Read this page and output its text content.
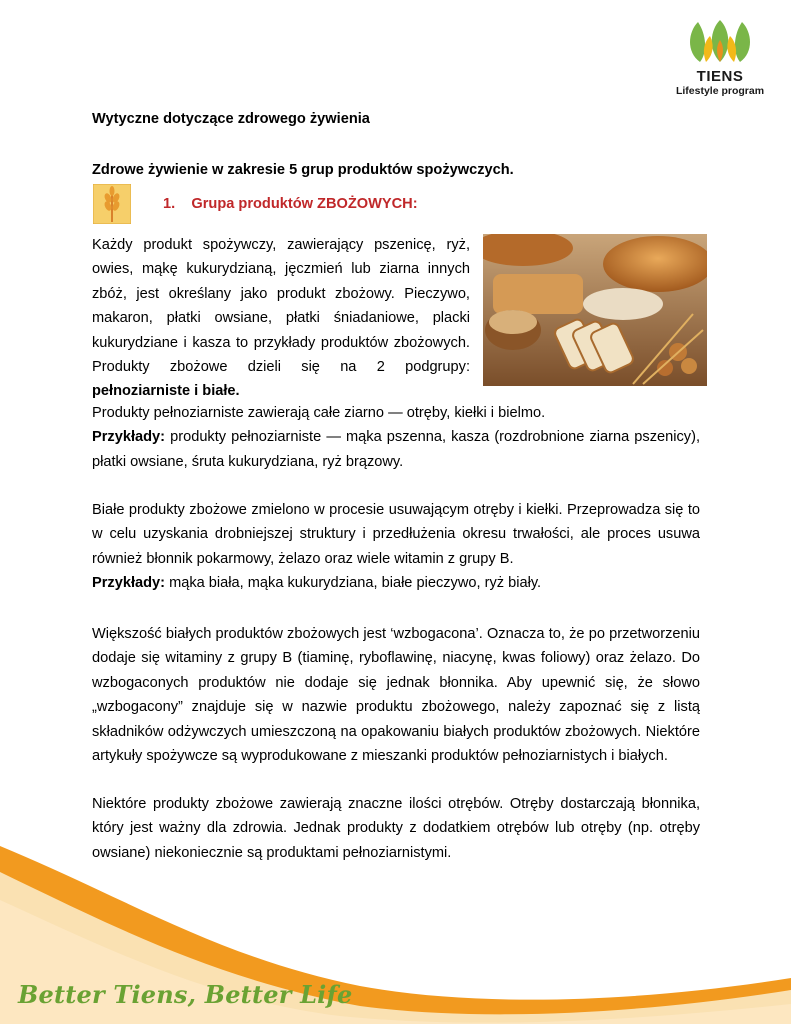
TIENS
Lifestyle program
Wytyczne dotyczące zdrowego żywienia
Zdrowe żywienie w zakresie 5 grup produktów spożywczych.
1. Grupa produktów ZBOŻOWYCH:
Każdy produkt spożywczy, zawierający pszenicę, ryż, owies, mąkę kukurydzianą, jęczmień lub ziarna innych zbóż, jest określany jako produkt zbożowy. Pieczywo, makaron, płatki owsiane, płatki śniadaniowe, placki kukurydziane i kasza to przykłady produktów zbożowych. Produkty zbożowe dzieli się na 2 podgrupy: pełnoziarniste i białe.
Produkty pełnoziarniste zawierają całe ziarno — otręby, kiełki i bielmo.
Przykłady: produkty pełnoziarniste — mąka pszenna, kasza (rozdrobnione ziarna pszenicy), płatki owsiane, śruta kukurydziana, ryż brązowy.
Białe produkty zbożowe zmielono w procesie usuwającym otręby i kiełki. Przeprowadza się to w celu uzyskania drobniejszej struktury i przedłużenia okresu trwałości, ale proces usuwa również błonnik pokarmowy, żelazo oraz wiele witamin z grupy B.
Przykłady: mąka biała, mąka kukurydziana, białe pieczywo, ryż biały.
Większość białych produktów zbożowych jest ‘wzbogacona’. Oznacza to, że po przetworzeniu dodaje się witaminy z grupy B (tiaminę, ryboflawinę, niacynę, kwas foliowy) oraz żelazo. Do wzbogaconych produktów nie dodaje się jednak błonnika. Aby upewnić się, że słowo „wzbogacony” znajduje się w nazwie produktu zbożowego, należy zapoznać się z listą składników odżywczych umieszczoną na opakowaniu białych produktów zbożowych. Niektóre artykuły spożywcze są wyprodukowane z mieszanki produktów pełnoziarnistych i białych.
Niektóre produkty zbożowe zawierają znaczne ilości otrębów. Otręby dostarczają błonnika, który jest ważny dla zdrowia. Jednak produkty z dodatkiem otrębów lub otręby (np. otręby owsiane) niekoniecznie są produktami pełnoziarnistymi.
Better Tiens, Better Life
